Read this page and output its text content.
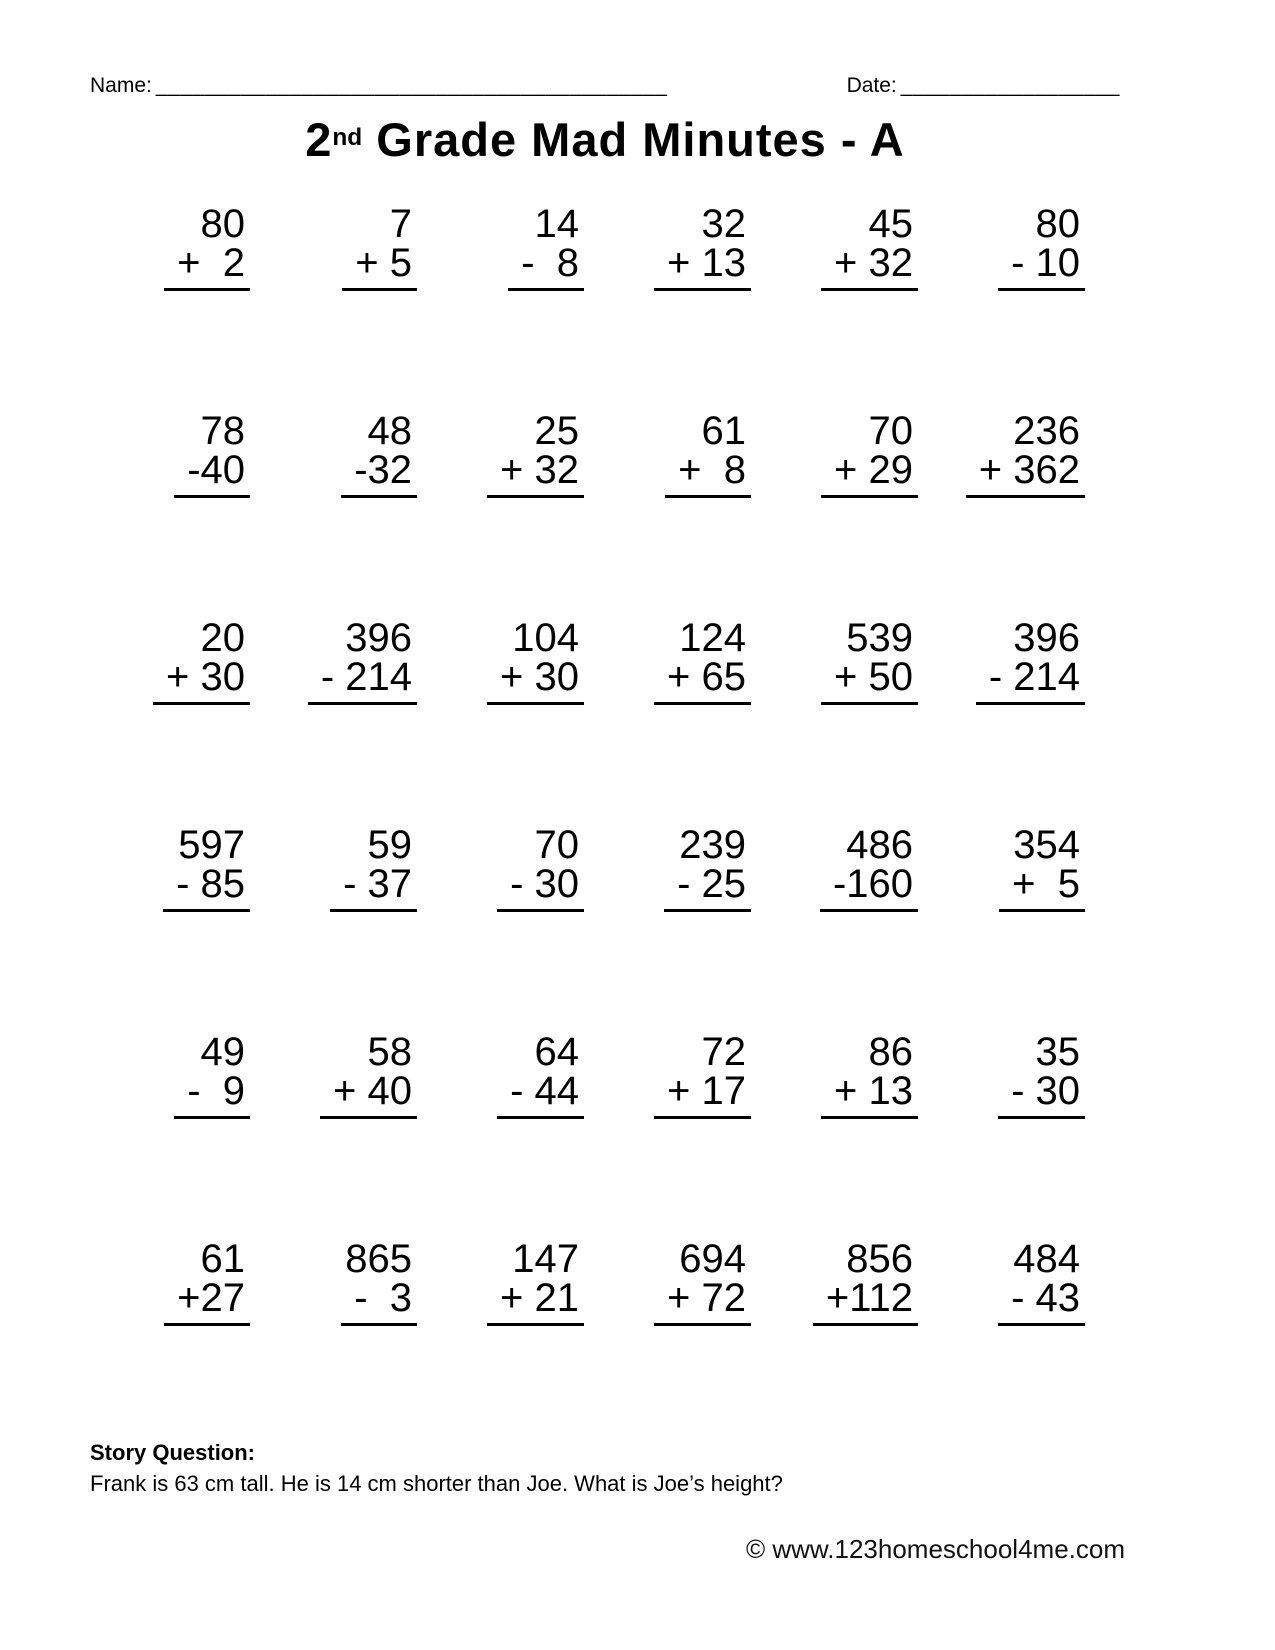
Name: __________________________________________	Date: __________________
2nd Grade Mad Minutes - A
80
+  2
7
+ 5
14
-  8
32
+ 13
45
+ 32
80
- 10
78
-40
48
-32
25
+ 32
61
+  8
70
+ 29
236
+ 362
20
+ 30
396
- 214
104
+ 30
124
+ 65
539
+ 50
396
- 214
597
- 85
59
- 37
70
- 30
239
- 25
486
-160
354
+  5
49
-  9
58
+ 40
64
- 44
72
+ 17
86
+ 13
35
- 30
61
+27
865
-  3
147
+ 21
694
+ 72
856
+112
484
- 43
Story Question:
Frank is 63 cm tall. He is 14 cm shorter than Joe. What is Joe’s height?
© www.123homeschool4me.com
